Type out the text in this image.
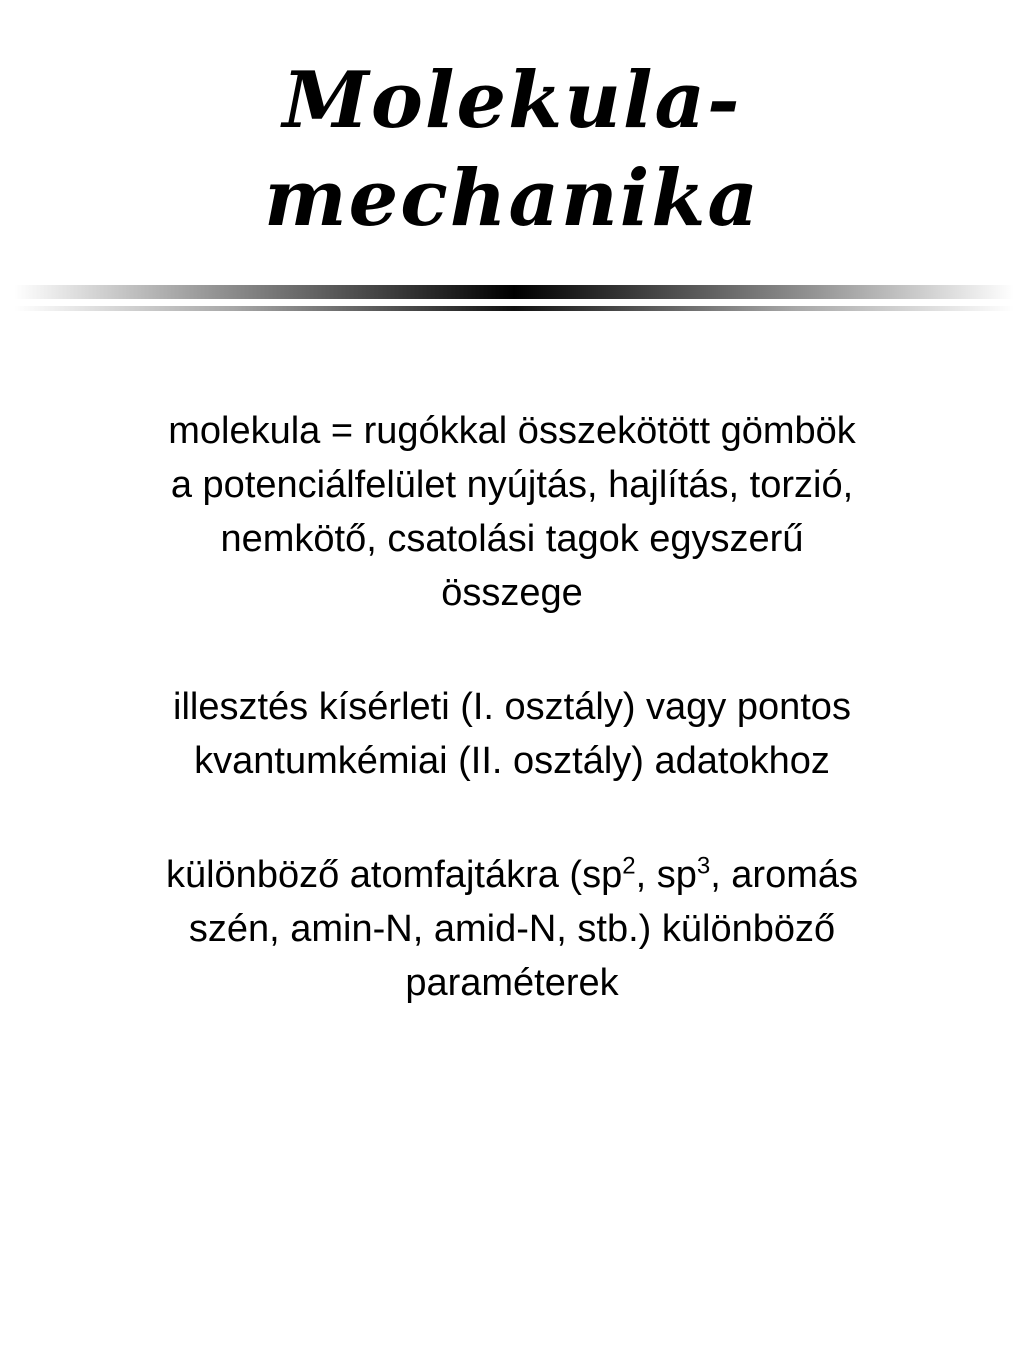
Molekula-
mechanika

molekula = rugókkal összekötött gömbök

a potenciálfelület nyújtás, hajlítás, torzió,
nemkötő, csatolási tagok egyszerű
összege

illesztés kísérleti (I. osztály) vagy pontos
kvantumkémiai (II. osztály) adatokhoz

különböző atomfajtákra ($sp^2$, $sp^3$, aromás
szén, amin-N, amid-N, stb.) különböző
paraméterek
